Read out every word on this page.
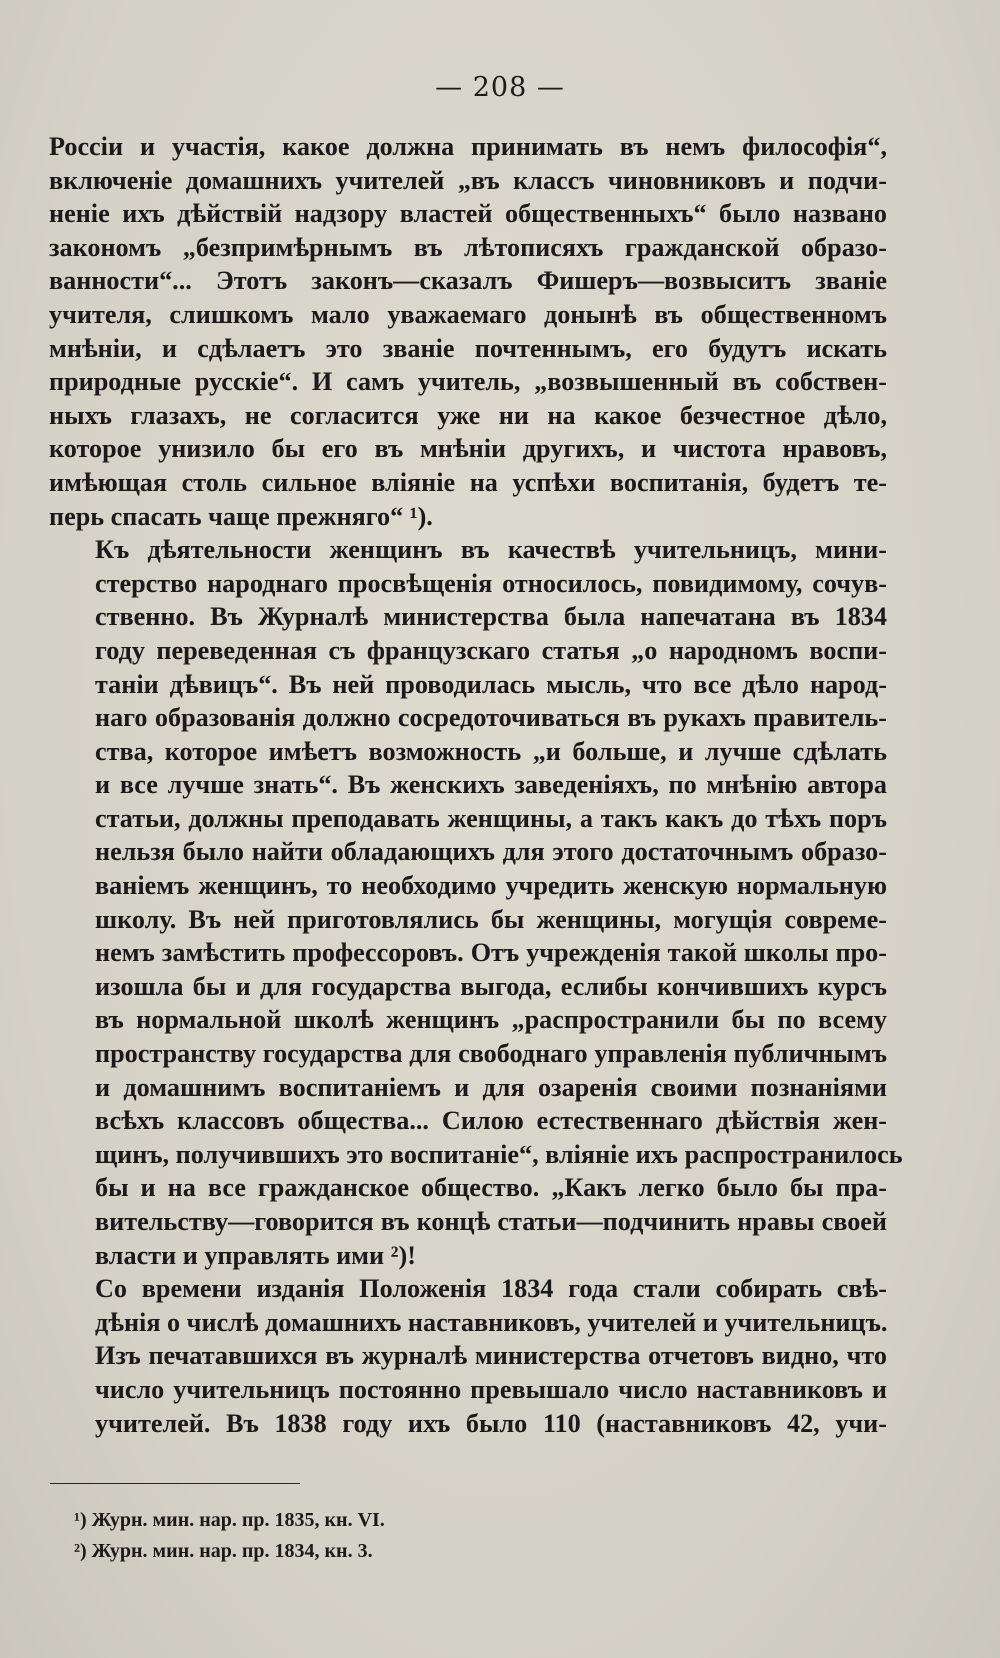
— 208 —

Россіи и участія, какое должна принимать въ немъ философія“,
включеніе домашнихъ учителей „въ классъ чиновниковъ и подчи-
неніе ихъ дѣйствій надзору властей общественныхъ“ было названо
закономъ „безпримѣрнымъ въ лѣтописяхъ гражданской образо-
ванности“... Этотъ законъ—сказалъ Фишеръ—возвыситъ званіе
учителя, слишкомъ мало уважаемаго донынѣ въ общественномъ
мнѣніи, и сдѣлаетъ это званіе почтеннымъ, его будутъ искать
природные русскіе“. И самъ учитель, „возвышенный въ собствен-
ныхъ глазахъ, не согласится уже ни на какое безчестное дѣло,
которое унизило бы его въ мнѣніи другихъ, и чистота нравовъ,
имѣющая столь сильное вліяніе на успѣхи воспитанія, будетъ те-
перь спасать чаще прежняго“ ¹).

Къ дѣятельности женщинъ въ качествѣ учительницъ, мини-
стерство народнаго просвѣщенія относилось, повидимому, сочув-
ственно. Въ Журналѣ министерства была напечатана въ 1834
году переведенная съ французскаго статья „о народномъ воспи-
таніи дѣвицъ“. Въ ней проводилась мысль, что все дѣло народ-
наго образованія должно сосредоточиваться въ рукахъ правитель-
ства, которое имѣетъ возможность „и больше, и лучше сдѣлать
и все лучше знать“. Въ женскихъ заведеніяхъ, по мнѣнію автора
статьи, должны преподавать женщины, а такъ какъ до тѣхъ поръ
нельзя было найти обладающихъ для этого достаточнымъ образо-
ваніемъ женщинъ, то необходимо учредить женскую нормальную
школу. Въ ней приготовлялись бы женщины, могущія совреме-
немъ замѣстить профессоровъ. Отъ учрежденія такой школы про-
изошла бы и для государства выгода, еслибы кончившихъ курсъ
въ нормальной школѣ женщинъ „распространили бы по всему
пространству государства для свободнаго управленія публичнымъ
и домашнимъ воспитаніемъ и для озаренія своими познаніями
всѣхъ классовъ общества... Силою естественнаго дѣйствія жен-
щинъ, получившихъ это воспитаніе“, вліяніе ихъ распространилось
бы и на все гражданское общество. „Какъ легко было бы пра-
вительству—говорится въ концѣ статьи—подчинить нравы своей
власти и управлять ими ²)!

Со времени изданія Положенія 1834 года стали собирать свѣ-
дѣнія о числѣ домашнихъ наставниковъ, учителей и учительницъ.
Изъ печатавшихся въ журналѣ министерства отчетовъ видно, что
число учительницъ постоянно превышало число наставниковъ и
учителей. Въ 1838 году ихъ было 110 (наставниковъ 42, учи-

¹) Журн. мин. нар. пр. 1835, кн. VI.
²) Журн. мин. нар. пр. 1834, кн. 3.
